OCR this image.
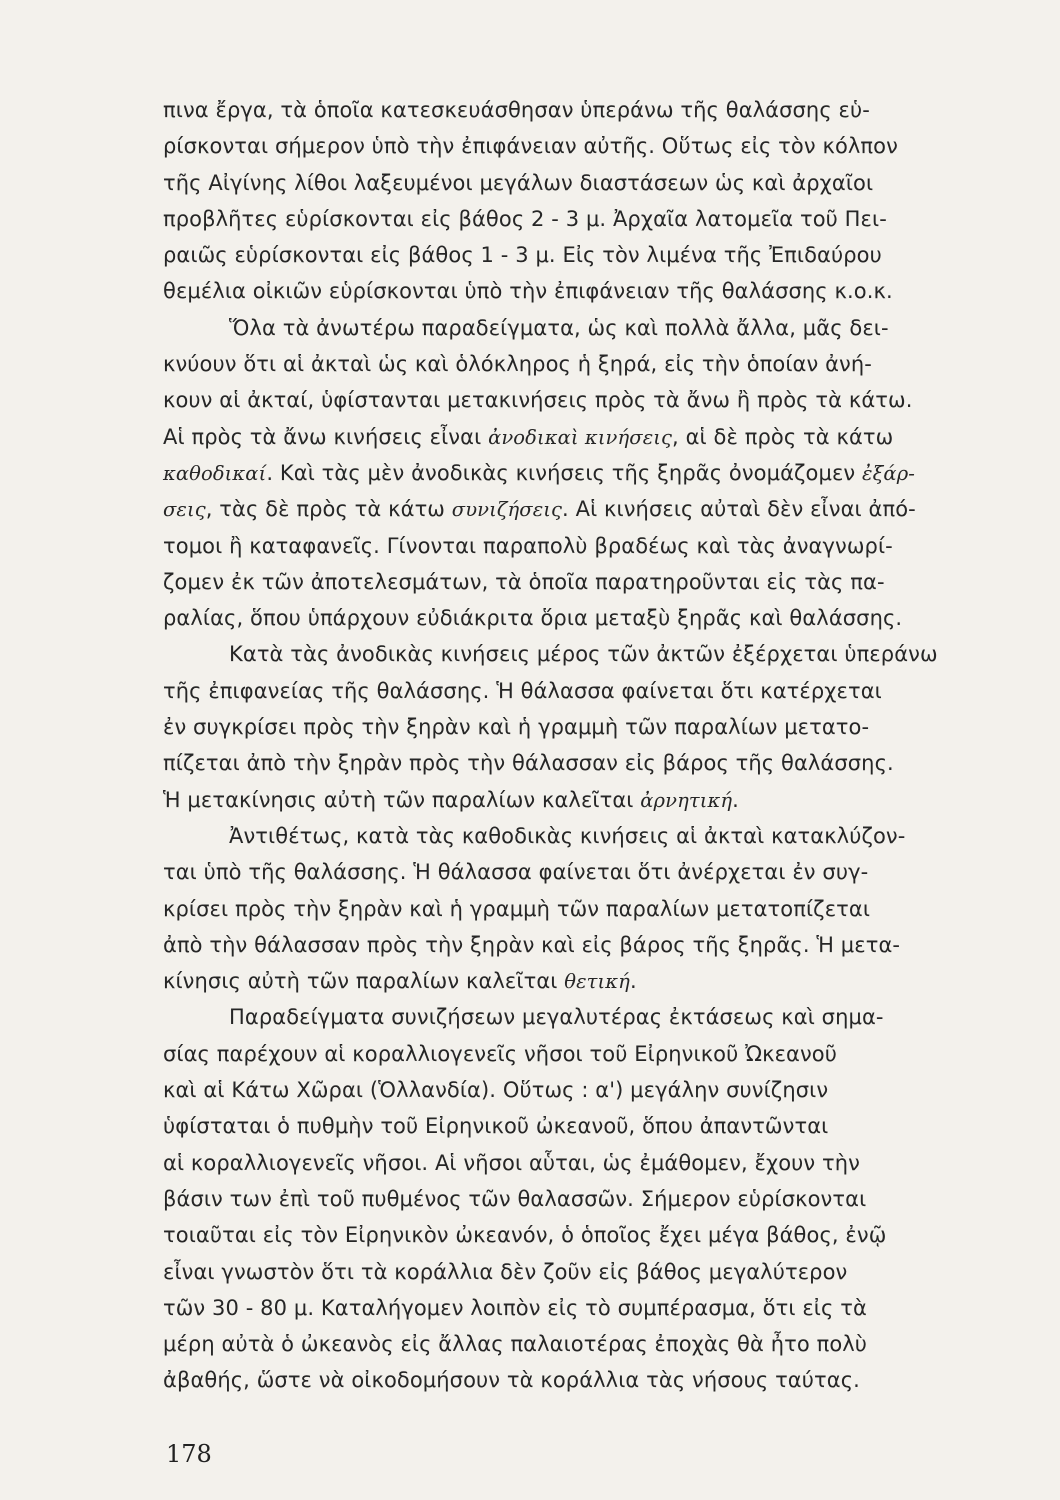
πινα ἔργα, τὰ ὁποῖα κατεσκευάσθησαν ὑπεράνω τῆς θαλάσσης εὑ-
ρίσκονται σήμερον ὑπὸ τὴν ἐπιφάνειαν αὐτῆς. Οὕτως εἰς τὸν κόλπον
τῆς Αἰγίνης λίθοι λαξευμένοι μεγάλων διαστάσεων ὡς καὶ ἀρχαῖοι
προβλῆτες εὑρίσκονται εἰς βάθος 2 - 3 μ. Ἀρχαῖα λατομεῖα τοῦ Πει-
ραιῶς εὑρίσκονται εἰς βάθος 1 - 3 μ. Εἰς τὸν λιμένα τῆς Ἐπιδαύρου
θεμέλια οἰκιῶν εὑρίσκονται ὑπὸ τὴν ἐπιφάνειαν τῆς θαλάσσης κ.ο.κ.
Ὅλα τὰ ἀνωτέρω παραδείγματα, ὡς καὶ πολλὰ ἄλλα, μᾶς δει-
κνύουν ὅτι αἱ ἀκταὶ ὡς καὶ ὁλόκληρος ἡ ξηρά, εἰς τὴν ὁποίαν ἀνή-
κουν αἱ ἀκταί, ὑφίστανται μετακινήσεις πρὸς τὰ ἄνω ἢ πρὸς τὰ κάτω.
Αἱ πρὸς τὰ ἄνω κινήσεις εἶναι ἀνοδικαὶ κινήσεις, αἱ δὲ πρὸς τὰ κάτω
καθοδικαί. Καὶ τὰς μὲν ἀνοδικὰς κινήσεις τῆς ξηρᾶς ὀνομάζομεν ἐξάρ-
σεις, τὰς δὲ πρὸς τὰ κάτω συνιζήσεις. Αἱ κινήσεις αὐταὶ δὲν εἶναι ἀπό-
τομοι ἢ καταφανεῖς. Γίνονται παραπολὺ βραδέως καὶ τὰς ἀναγνωρί-
ζομεν ἐκ τῶν ἀποτελεσμάτων, τὰ ὁποῖα παρατηροῦνται εἰς τὰς πα-
ραλίας, ὅπου ὑπάρχουν εὐδιάκριτα ὅρια μεταξὺ ξηρᾶς καὶ θαλάσσης.
Κατὰ τὰς ἀνοδικὰς κινήσεις μέρος τῶν ἀκτῶν ἐξέρχεται ὑπεράνω
τῆς ἐπιφανείας τῆς θαλάσσης. Ἡ θάλασσα φαίνεται ὅτι κατέρχεται
ἐν συγκρίσει πρὸς τὴν ξηρὰν καὶ ἡ γραμμὴ τῶν παραλίων μετατο-
πίζεται ἀπὸ τὴν ξηρὰν πρὸς τὴν θάλασσαν εἰς βάρος τῆς θαλάσσης.
Ἡ μετακίνησις αὐτὴ τῶν παραλίων καλεῖται ἀρνητική.
Ἀντιθέτως, κατὰ τὰς καθοδικὰς κινήσεις αἱ ἀκταὶ κατακλύζον-
ται ὑπὸ τῆς θαλάσσης. Ἡ θάλασσα φαίνεται ὅτι ἀνέρχεται ἐν συγ-
κρίσει πρὸς τὴν ξηρὰν καὶ ἡ γραμμὴ τῶν παραλίων μετατοπίζεται
ἀπὸ τὴν θάλασσαν πρὸς τὴν ξηρὰν καὶ εἰς βάρος τῆς ξηρᾶς. Ἡ μετα-
κίνησις αὐτὴ τῶν παραλίων καλεῖται θετική.
Παραδείγματα συνιζήσεων μεγαλυτέρας ἐκτάσεως καὶ σημα-
σίας παρέχουν αἱ κοραλλιογενεῖς νῆσοι τοῦ Εἰρηνικοῦ Ὠκεανοῦ
καὶ αἱ Κάτω Χῶραι (Ὁλλανδία). Οὕτως : α') μεγάλην συνίζησιν
ὑφίσταται ὁ πυθμὴν τοῦ Εἰρηνικοῦ ὠκεανοῦ, ὅπου ἀπαντῶνται
αἱ κοραλλιογενεῖς νῆσοι. Αἱ νῆσοι αὗται, ὡς ἐμάθομεν, ἔχουν τὴν
βάσιν των ἐπὶ τοῦ πυθμένος τῶν θαλασσῶν. Σήμερον εὑρίσκονται
τοιαῦται εἰς τὸν Εἰρηνικὸν ὠκεανόν, ὁ ὁποῖος ἔχει μέγα βάθος, ἐνῷ
εἶναι γνωστὸν ὅτι τὰ κοράλλια δὲν ζοῦν εἰς βάθος μεγαλύτερον
τῶν 30 - 80 μ. Καταλήγομεν λοιπὸν εἰς τὸ συμπέρασμα, ὅτι εἰς τὰ
μέρη αὐτὰ ὁ ὠκεανὸς εἰς ἄλλας παλαιοτέρας ἐποχὰς θὰ ἦτο πολὺ
ἀβαθής, ὥστε νὰ οἰκοδομήσουν τὰ κοράλλια τὰς νήσους ταύτας.
178
